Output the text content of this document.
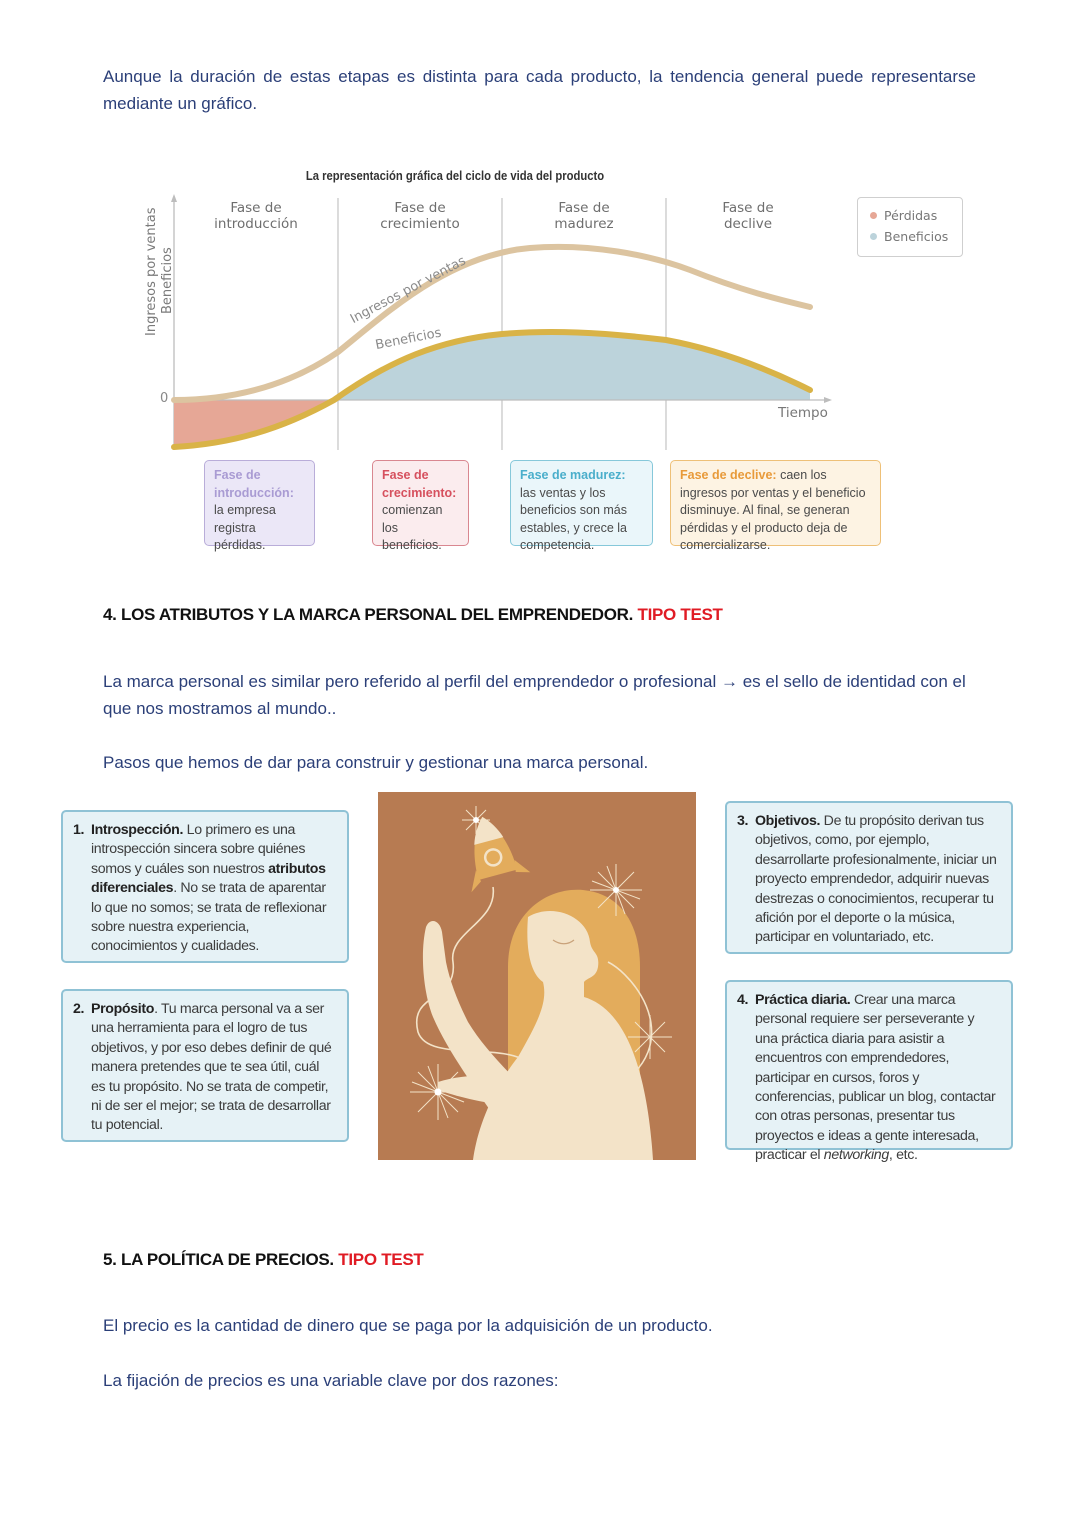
Aunque la duración de estas etapas es distinta para cada producto, la tendencia general puede representarse mediante un gráfico.

La representación gráfica del ciclo de vida del producto
Fase de
introducción
Fase de
crecimiento
Fase de
madurez
Fase de
declive
Ingresos por ventas Beneficios
0
Tiempo
Ingresos por ventas
Beneficios
Pérdidas
Beneficios
Fase de introducción: la empresa registra pérdidas.
Fase de crecimiento: comienzan los beneficios.
Fase de madurez: las ventas y los beneficios son más estables, y crece la competencia.
Fase de declive: caen los ingresos por ventas y el beneficio disminuye. Al final, se generan pérdidas y el producto deja de comercializarse.
4. LOS ATRIBUTOS Y LA MARCA PERSONAL DEL EMPRENDEDOR. TIPO TEST

La marca personal es similar pero referido al perfil del emprendedor o profesional → es el sello de identidad con el que nos mostramos al mundo..

Pasos que hemos de dar para construir y gestionar una marca personal.

1. Introspección. Lo primero es una introspección sincera sobre quiénes somos y cuáles son nuestros atributos diferenciales. No se trata de aparentar lo que no somos; se trata de reflexionar sobre nuestra experiencia, conocimientos y cualidades.
2. Propósito. Tu marca personal va a ser una herramienta para el logro de tus objetivos, y por eso debes definir de qué manera pretendes que te sea útil, cuál es tu propósito. No se trata de competir, ni de ser el mejor; se trata de desarrollar tu potencial.
3. Objetivos. De tu propósito derivan tus objetivos, como, por ejemplo, desarrollarte profesionalmente, iniciar un proyecto emprendedor, adquirir nuevas destrezas o conocimientos, recuperar tu afición por el deporte o la música, participar en voluntariado, etc.
4. Práctica diaria. Crear una marca personal requiere ser perseverante y una práctica diaria para asistir a encuentros con emprendedores, participar en cursos, foros y conferencias, publicar un blog, contactar con otras personas, presentar tus proyectos e ideas a gente interesada, practicar el networking, etc.
5. LA POLÍTICA DE PRECIOS. TIPO TEST

El precio es la cantidad de dinero que se paga por la adquisición de un producto.

La fijación de precios es una variable clave por dos razones:
